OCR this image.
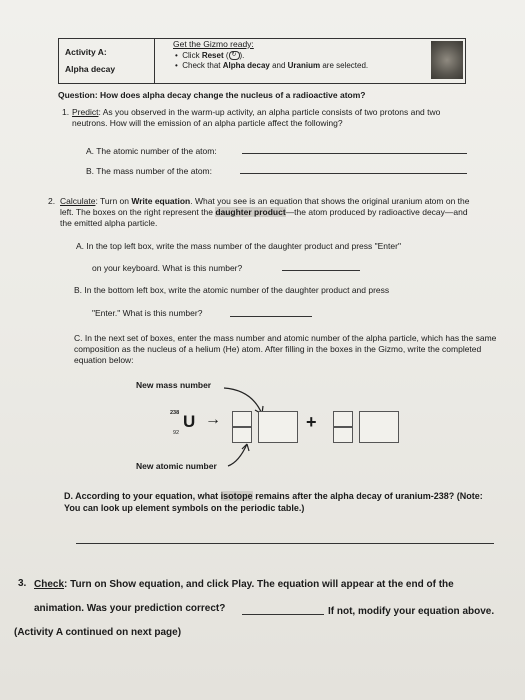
Activity A:
Alpha decay
Get the Gizmo ready:
•  Click Reset ( ↻ ).
•  Check that Alpha decay and Uranium are selected.
Question: How does alpha decay change the nucleus of a radioactive atom?
1. Predict: As you observed in the warm-up activity, an alpha particle consists of two protons and two neutrons. How will the emission of an alpha particle affect the following?
A. The atomic number of the atom:
B. The mass number of the atom:
2. Calculate: Turn on Write equation. What you see is an equation that shows the original uranium atom on the left. The boxes on the right represent the daughter product—the atom produced by radioactive decay—and the emitted alpha particle.
A. In the top left box, write the mass number of the daughter product and press "Enter"
on your keyboard. What is this number?
B. In the bottom left box, write the atomic number of the daughter product and press
"Enter." What is this number?
C. In the next set of boxes, enter the mass number and atomic number of the alpha particle, which has the same composition as the nucleus of a helium (He) atom. After filling in the boxes in the Gizmo, write the completed equation below:
New mass number
238
92
U →	+
New atomic number
D. According to your equation, what isotope remains after the alpha decay of uranium-238? (Note: You can look up element symbols on the periodic table.)
3. Check: Turn on Show equation, and click Play. The equation will appear at the end of the
animation. Was your prediction correct?	If not, modify your equation above.
(Activity A continued on next page)
